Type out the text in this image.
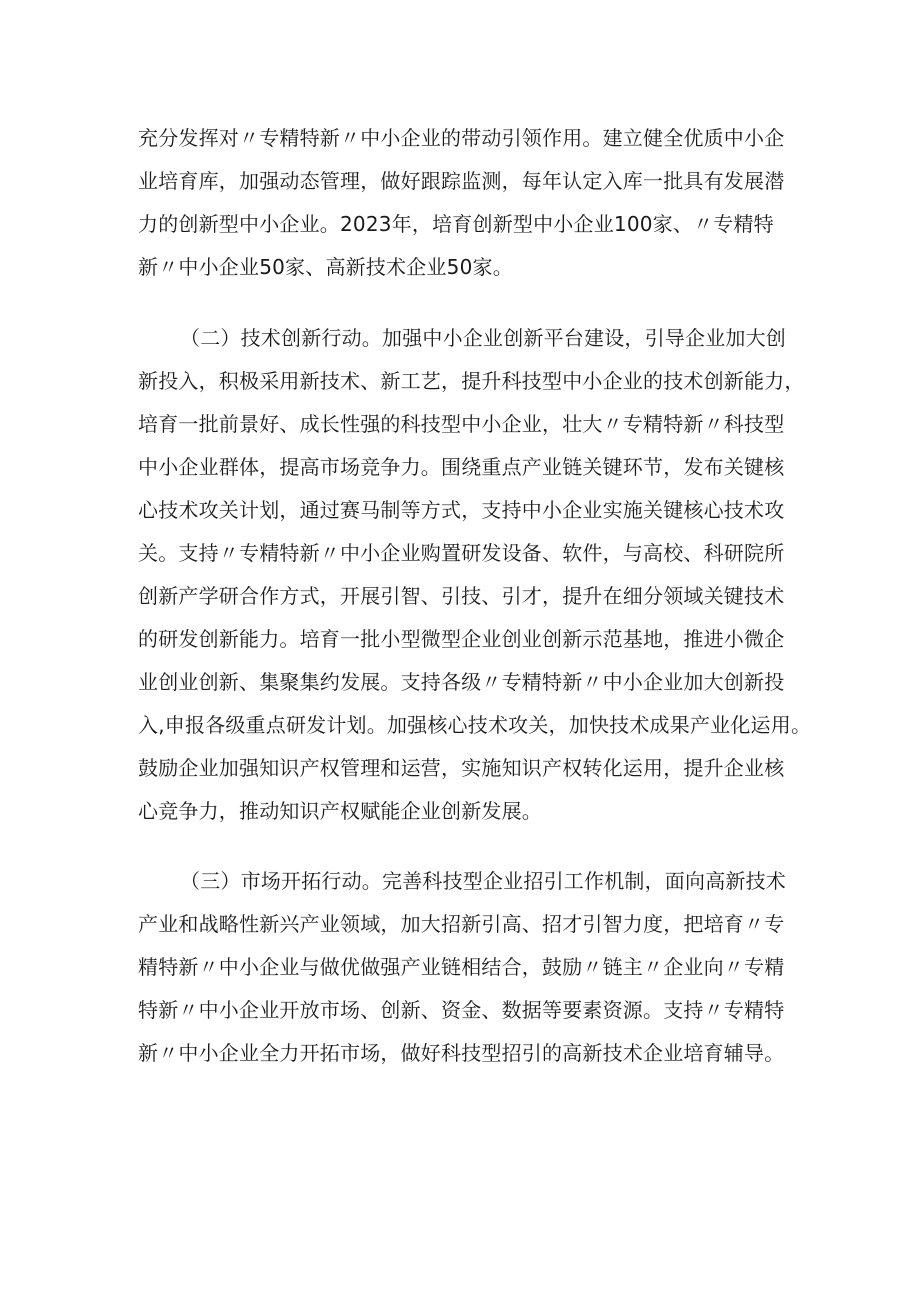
充分发挥对〃专精特新〃中小企业的带动引领作用。建立健全优质中小企
业培育库，加强动态管理，做好跟踪监测，每年认定入库一批具有发展潜
力的创新型中小企业。2023年，培育创新型中小企业100家、〃专精特
新〃中小企业50家、高新技术企业50家。
（二）技术创新行动。加强中小企业创新平台建设，引导企业加大创
新投入，积极采用新技术、新工艺，提升科技型中小企业的技术创新能力，
培育一批前景好、成长性强的科技型中小企业，壮大〃专精特新〃科技型
中小企业群体，提高市场竞争力。围绕重点产业链关键环节，发布关键核
心技术攻关计划，通过赛马制等方式，支持中小企业实施关键核心技术攻
关。支持〃专精特新〃中小企业购置研发设备、软件，与高校、科研院所
创新产学研合作方式，开展引智、引技、引才，提升在细分领域关键技术
的研发创新能力。培育一批小型微型企业创业创新示范基地，推进小微企
业创业创新、集聚集约发展。支持各级〃专精特新〃中小企业加大创新投
入,申报各级重点研发计划。加强核心技术攻关，加快技术成果产业化运用。
鼓励企业加强知识产权管理和运营，实施知识产权转化运用，提升企业核
心竞争力，推动知识产权赋能企业创新发展。
（三）市场开拓行动。完善科技型企业招引工作机制，面向高新技术
产业和战略性新兴产业领域，加大招新引高、招才引智力度，把培育〃专
精特新〃中小企业与做优做强产业链相结合，鼓励〃链主〃企业向〃专精
特新〃中小企业开放市场、创新、资金、数据等要素资源。支持〃专精特
新〃中小企业全力开拓市场，做好科技型招引的高新技术企业培育辅导。
